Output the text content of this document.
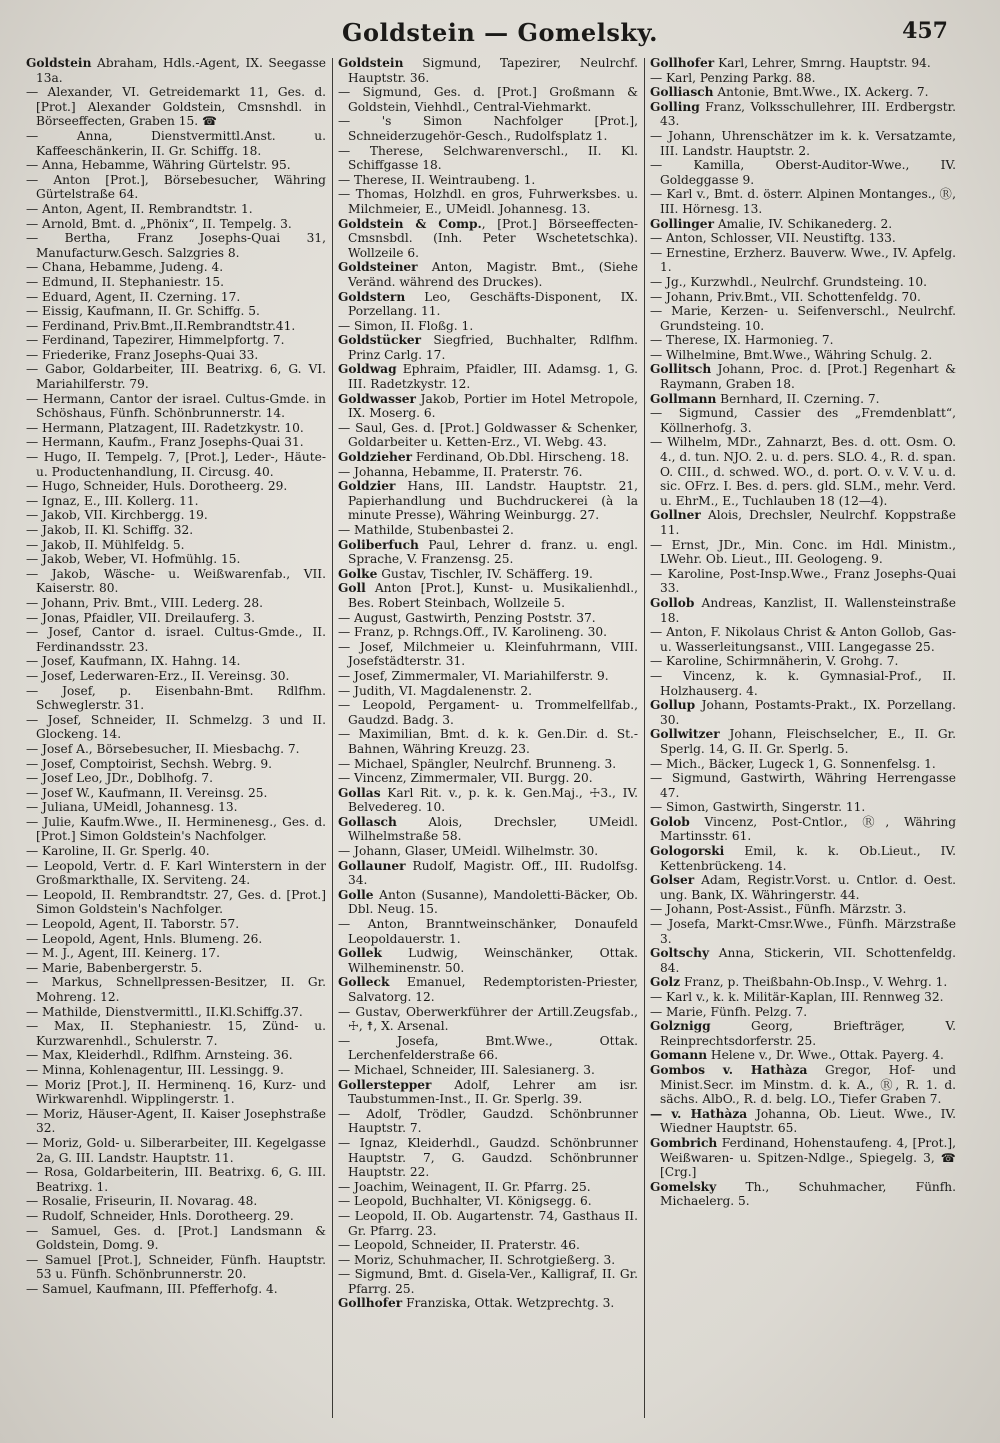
Goldstein — Gomelsky.	457

Goldstein Abraham, Hdls.-Agent, IX. Seegasse 13a.

— Alexander, VI. Getreidemarkt 11, Ges. d. [Prot.] Alexander Goldstein, Cmsnshdl. in Börseeffecten, Graben 15. ☎

— Anna, Dienstvermittl.Anst. u. Kaffeeschänkerin, II. Gr. Schiffg. 18.

— Anna, Hebamme, Währing Gürtelstr. 95.

— Anton [Prot.], Börsebesucher, Währing Gürtelstraße 64.

— Anton, Agent, II. Rembrandtstr. 1.

— Arnold, Bmt. d. „Phönix“, II. Tempelg. 3.

— Bertha, Franz Josephs-Quai 31, Manufacturw.Gesch. Salzgries 8.

— Chana, Hebamme, Judeng. 4.

— Edmund, II. Stephaniestr. 15.

— Eduard, Agent, II. Czerning. 17.

— Eissig, Kaufmann, II. Gr. Schiffg. 5.

— Ferdinand, Priv.Bmt.,II.Rembrandtstr.41.

— Ferdinand, Tapezirer, Himmelpfortg. 7.

— Friederike, Franz Josephs-Quai 33.

— Gabor, Goldarbeiter, III. Beatrixg. 6, G. VI. Mariahilferstr. 79.

— Hermann, Cantor der israel. Cultus-Gmde. in Schöshaus, Fünfh. Schönbrunnerstr. 14.

— Hermann, Platzagent, III. Radetzkystr. 10.

— Hermann, Kaufm., Franz Josephs-Quai 31.

— Hugo, II. Tempelg. 7, [Prot.], Leder-, Häute- u. Productenhandlung, II. Circusg. 40.

— Hugo, Schneider, Huls. Dorotheerg. 29.

— Ignaz, E., III. Kollerg. 11.

— Jakob, VII. Kirchbergg. 19.

— Jakob, II. Kl. Schiffg. 32.

— Jakob, II. Mühlfeldg. 5.

— Jakob, Weber, VI. Hofmühlg. 15.

— Jakob, Wäsche- u. Weißwarenfab., VII. Kaiserstr. 80.

— Johann, Priv. Bmt., VIII. Lederg. 28.

— Jonas, Pfaidler, VII. Dreilauferg. 3.

— Josef, Cantor d. israel. Cultus-Gmde., II. Ferdinandsstr. 23.

— Josef, Kaufmann, IX. Hahng. 14.

— Josef, Lederwaren-Erz., II. Vereinsg. 30.

— Josef, p. Eisenbahn-Bmt. Rdlfhm. Schweglerstr. 31.

— Josef, Schneider, II. Schmelzg. 3 und II. Glockeng. 14.

— Josef A., Börsebesucher, II. Miesbachg. 7.

— Josef, Comptoirist, Sechsh. Webrg. 9.

— Josef Leo, JDr., Doblhofg. 7.

— Josef W., Kaufmann, II. Vereinsg. 25.

— Juliana, UMeidl, Johannesg. 13.

— Julie, Kaufm.Wwe., II. Herminenesg., Ges. d. [Prot.] Simon Goldstein's Nachfolger.

— Karoline, II. Gr. Sperlg. 40.

— Leopold, Vertr. d. F. Karl Winterstern in der Großmarkthalle, IX. Serviteng. 24.

— Leopold, II. Rembrandtstr. 27, Ges. d. [Prot.] Simon Goldstein's Nachfolger.

— Leopold, Agent, II. Taborstr. 57.

— Leopold, Agent, Hnls. Blumeng. 26.

— M. J., Agent, III. Keinerg. 17.

— Marie, Babenbergerstr. 5.

— Markus, Schnellpressen-Besitzer, II. Gr. Mohreng. 12.

— Mathilde, Dienstvermittl., II.Kl.Schiffg.37.

— Max, II. Stephaniestr. 15, Zünd- u. Kurzwarenhdl., Schulerstr. 7.

— Max, Kleiderhdl., Rdlfhm. Arnsteing. 36.

— Minna, Kohlenagentur, III. Lessingg. 9.

— Moriz [Prot.], II. Herminenq. 16, Kurz- und Wirkwarenhdl. Wipplingerstr. 1.

— Moriz, Häuser-Agent, II. Kaiser Josephstraße 32.

— Moriz, Gold- u. Silberarbeiter, III. Kegelgasse 2a, G. III. Landstr. Hauptstr. 11.

— Rosa, Goldarbeiterin, III. Beatrixg. 6, G. III. Beatrixg. 1.

— Rosalie, Friseurin, II. Novarag. 48.

— Rudolf, Schneider, Hnls. Dorotheerg. 29.

— Samuel, Ges. d. [Prot.] Landsmann & Goldstein, Domg. 9.

— Samuel [Prot.], Schneider, Fünfh. Hauptstr. 53 u. Fünfh. Schönbrunnerstr. 20.

— Samuel, Kaufmann, III. Pfefferhofg. 4.

Goldstein Sigmund, Tapezirer, Neulrchf. Hauptstr. 36.

— Sigmund, Ges. d. [Prot.] Großmann & Goldstein, Viehhdl., Central-Viehmarkt.

— 's Simon Nachfolger [Prot.], Schneiderzugehör-Gesch., Rudolfsplatz 1.

— Therese, Selchwarenverschl., II. Kl. Schiffgasse 18.

— Therese, II. Weintraubeng. 1.

— Thomas, Holzhdl. en gros, Fuhrwerksbes. u. Milchmeier, E., UMeidl. Johannesg. 13.

Goldstein & Comp., [Prot.] Börseeffecten-Cmsnsbdl. (Inh. Peter Wschetetschka). Wollzeile 6.

Goldsteiner Anton, Magistr. Bmt., (Siehe Veränd. während des Druckes).

Goldstern Leo, Geschäfts-Disponent, IX. Porzellang. 11.

— Simon, II. Floßg. 1.

Goldstücker Siegfried, Buchhalter, Rdlfhm. Prinz Carlg. 17.

Goldwag Ephraim, Pfaidler, III. Adamsg. 1, G. III. Radetzkystr. 12.

Goldwasser Jakob, Portier im Hotel Metropole, IX. Moserg. 6.

— Saul, Ges. d. [Prot.] Goldwasser & Schenker, Goldarbeiter u. Ketten-Erz., VI. Webg. 43.

Goldzieher Ferdinand, Ob.Dbl. Hirscheng. 18.

— Johanna, Hebamme, II. Praterstr. 76.

Goldzier Hans, III. Landstr. Hauptstr. 21, Papierhandlung und Buchdruckerei (à la minute Presse), Währing Weinburgg. 27.

— Mathilde, Stubenbastei 2.

Goliberfuch Paul, Lehrer d. franz. u. engl. Sprache, V. Franzensg. 25.

Golke Gustav, Tischler, IV. Schäfferg. 19.

Goll Anton [Prot.], Kunst- u. Musikalienhdl., Bes. Robert Steinbach, Wollzeile 5.

— August, Gastwirth, Penzing Poststr. 37.

— Franz, p. Rchngs.Off., IV. Karolineng. 30.

— Josef, Milchmeier u. Kleinfuhrmann, VIII. Josefstädterstr. 31.

— Josef, Zimmermaler, VI. Mariahilferstr. 9.

— Judith, VI. Magdalenenstr. 2.

— Leopold, Pergament- u. Trommelfellfab., Gaudzd. Badg. 3.

— Maximilian, Bmt. d. k. k. Gen.Dir. d. St.-Bahnen, Währing Kreuzg. 23.

— Michael, Spängler, Neulrchf. Brunneng. 3.

— Vincenz, Zimmermaler, VII. Burgg. 20.

Gollas Karl Rit. v., p. k. k. Gen.Maj., ☩3., IV. Belvedereg. 10.

Gollasch Alois, Drechsler, UMeidl. Wilhelmstraße 58.

— Johann, Glaser, UMeidl. Wilhelmstr. 30.

Gollauner Rudolf, Magistr. Off., III. Rudolfsg. 34.

Golle Anton (Susanne), Mandoletti-Bäcker, Ob. Dbl. Neug. 15.

— Anton, Branntweinschänker, Donaufeld Leopoldauerstr. 1.

Gollek Ludwig, Weinschänker, Ottak. Wilheminenstr. 50.

Golleck Emanuel, Redemptoristen-Priester, Salvatorg. 12.

— Gustav, Oberwerkführer der Artill.Zeugsfab., ☩, ☨, X. Arsenal.

— Josefa, Bmt.Wwe., Ottak. Lerchenfelderstraße 66.

— Michael, Schneider, III. Salesianerg. 3.

Gollerstepper Adolf, Lehrer am isr. Taubstummen-Inst., II. Gr. Sperlg. 39.

— Adolf, Trödler, Gaudzd. Schönbrunner Hauptstr. 7.

— Ignaz, Kleiderhdl., Gaudzd. Schönbrunner Hauptstr. 7, G. Gaudzd. Schönbrunner Hauptstr. 22.

— Joachim, Weinagent, II. Gr. Pfarrg. 25.

— Leopold, Buchhalter, VI. Königsegg. 6.

— Leopold, II. Ob. Augartenstr. 74, Gasthaus II. Gr. Pfarrg. 23.

— Leopold, Schneider, II. Praterstr. 46.

— Moriz, Schuhmacher, II. Schrotgießerg. 3.

— Sigmund, Bmt. d. Gisela-Ver., Kalligraf, II. Gr. Pfarrg. 25.

Gollhofer Franziska, Ottak. Wetzprechtg. 3.

Gollhofer Karl, Lehrer, Smrng. Hauptstr. 94.

— Karl, Penzing Parkg. 88.

Golliasch Antonie, Bmt.Wwe., IX. Ackerg. 7.

Golling Franz, Volksschullehrer, III. Erdbergstr. 43.

— Johann, Uhrenschätzer im k. k. Versatzamte, III. Landstr. Hauptstr. 2.

— Kamilla, Oberst-Auditor-Wwe., IV. Goldeggasse 9.

— Karl v., Bmt. d. österr. Alpinen Montanges., Ⓡ, III. Hörnesg. 13.

Gollinger Amalie, IV. Schikanederg. 2.

— Anton, Schlosser, VII. Neustiftg. 133.

— Ernestine, Erzherz. Bauverw. Wwe., IV. Apfelg. 1.

— Jg., Kurzwhdl., Neulrchf. Grundsteing. 10.

— Johann, Priv.Bmt., VII. Schottenfeldg. 70.

— Marie, Kerzen- u. Seifenverschl., Neulrchf. Grundsteing. 10.

— Therese, IX. Harmonieg. 7.

— Wilhelmine, Bmt.Wwe., Währing Schulg. 2.

Gollitsch Johann, Proc. d. [Prot.] Regenhart & Raymann, Graben 18.

Gollmann Bernhard, II. Czerning. 7.

— Sigmund, Cassier des „Fremdenblatt“, Köllnerhofg. 3.

— Wilhelm, MDr., Zahnarzt, Bes. d. ott. Osm. O. 4., d. tun. NJO. 2. u. d. pers. SLO. 4., R. d. span. O. CIII., d. schwed. WO., d. port. O. v. V. V. u. d. sic. OFrz. I. Bes. d. pers. gld. SLM., mehr. Verd. u. EhrM., E., Tuchlauben 18 (12—4).

Gollner Alois, Drechsler, Neulrchf. Koppstraße 11.

— Ernst, JDr., Min. Conc. im Hdl. Ministm., LWehr. Ob. Lieut., III. Geologeng. 9.

— Karoline, Post-Insp.Wwe., Franz Josephs-Quai 33.

Gollob Andreas, Kanzlist, II. Wallensteinstraße 18.

— Anton, F. Nikolaus Christ & Anton Gollob, Gas- u. Wasserleitungsanst., VIII. Langegasse 25.

— Karoline, Schirmnäherin, V. Grohg. 7.

— Vincenz, k. k. Gymnasial-Prof., II. Holzhauserg. 4.

Gollup Johann, Postamts-Prakt., IX. Porzellang. 30.

Gollwitzer Johann, Fleischselcher, E., II. Gr. Sperlg. 14, G. II. Gr. Sperlg. 5.

— Mich., Bäcker, Lugeck 1, G. Sonnenfelsg. 1.

— Sigmund, Gastwirth, Währing Herrengasse 47.

— Simon, Gastwirth, Singerstr. 11.

Golob Vincenz, Post-Cntlor., Ⓡ, Währing Martinsstr. 61.

Gologorski Emil, k. k. Ob.Lieut., IV. Kettenbrückeng. 14.

Golser Adam, Registr.Vorst. u. Cntlor. d. Oest. ung. Bank, IX. Währingerstr. 44.

— Johann, Post-Assist., Fünfh. Märzstr. 3.

— Josefa, Markt-Cmsr.Wwe., Fünfh. Märzstraße 3.

Goltschy Anna, Stickerin, VII. Schottenfeldg. 84.

Golz Franz, p. Theißbahn-Ob.Insp., V. Wehrg. 1.

— Karl v., k. k. Militär-Kaplan, III. Rennweg 32.

— Marie, Fünfh. Pelzg. 7.

Golznigg Georg, Briefträger, V. Reinprechtsdorferstr. 25.

Gomann Helene v., Dr. Wwe., Ottak. Payerg. 4.

Gombos v. Hathàza Gregor, Hof- und Minist.Secr. im Minstm. d. k. A., Ⓡ, R. 1. d. sächs. AlbO., R. d. belg. LO., Tiefer Graben 7.

— v. Hathàza Johanna, Ob. Lieut. Wwe., IV. Wiedner Hauptstr. 65.

Gombrich Ferdinand, Hohenstaufeng. 4, [Prot.], Weißwaren- u. Spitzen-Ndlge., Spiegelg. 3, ☎ [Crg.]

Gomelsky Th., Schuhmacher, Fünfh. Michaelerg. 5.
